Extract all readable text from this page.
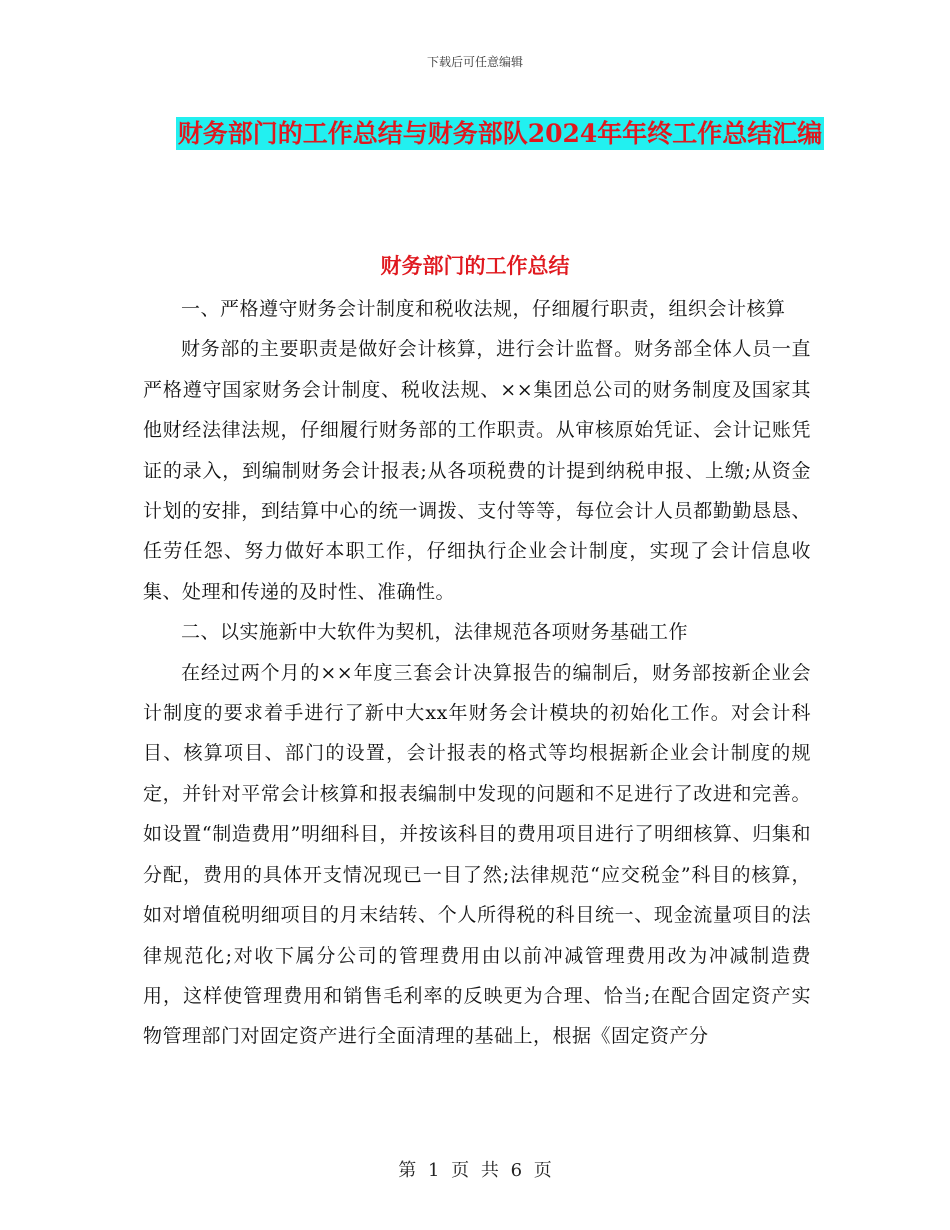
下载后可任意编辑
财务部门的工作总结与财务部队2024年年终工作总结汇编
财务部门的工作总结

一、严格遵守财务会计制度和税收法规，仔细履行职责，组织会计核算

财务部的主要职责是做好会计核算，进行会计监督。财务部全体人员一直严格遵守国家财务会计制度、税收法规、××集团总公司的财务制度及国家其他财经法律法规，仔细履行财务部的工作职责。从审核原始凭证、会计记账凭证的录入，到编制财务会计报表;从各项税费的计提到纳税申报、上缴;从资金计划的安排，到结算中心的统一调拨、支付等等，每位会计人员都勤勤恳恳、任劳任怨、努力做好本职工作，仔细执行企业会计制度，实现了会计信息收集、处理和传递的及时性、准确性。

二、以实施新中大软件为契机，法律规范各项财务基础工作

在经过两个月的××年度三套会计决算报告的编制后，财务部按新企业会计制度的要求着手进行了新中大xx年财务会计模块的初始化工作。对会计科目、核算项目、部门的设置，会计报表的格式等均根据新企业会计制度的规定，并针对平常会计核算和报表编制中发现的问题和不足进行了改进和完善。如设置“制造费用”明细科目，并按该科目的费用项目进行了明细核算、归集和分配，费用的具体开支情况现已一目了然;法律规范“应交税金”科目的核算，如对增值税明细项目的月末结转、个人所得税的科目统一、现金流量项目的法律规范化;对收下属分公司的管理费用由以前冲减管理费用改为冲减制造费用，这样使管理费用和销售毛利率的反映更为合理、恰当;在配合固定资产实物管理部门对固定资产进行全面清理的基础上，根据《固定资产分

第 1 页 共 6 页
